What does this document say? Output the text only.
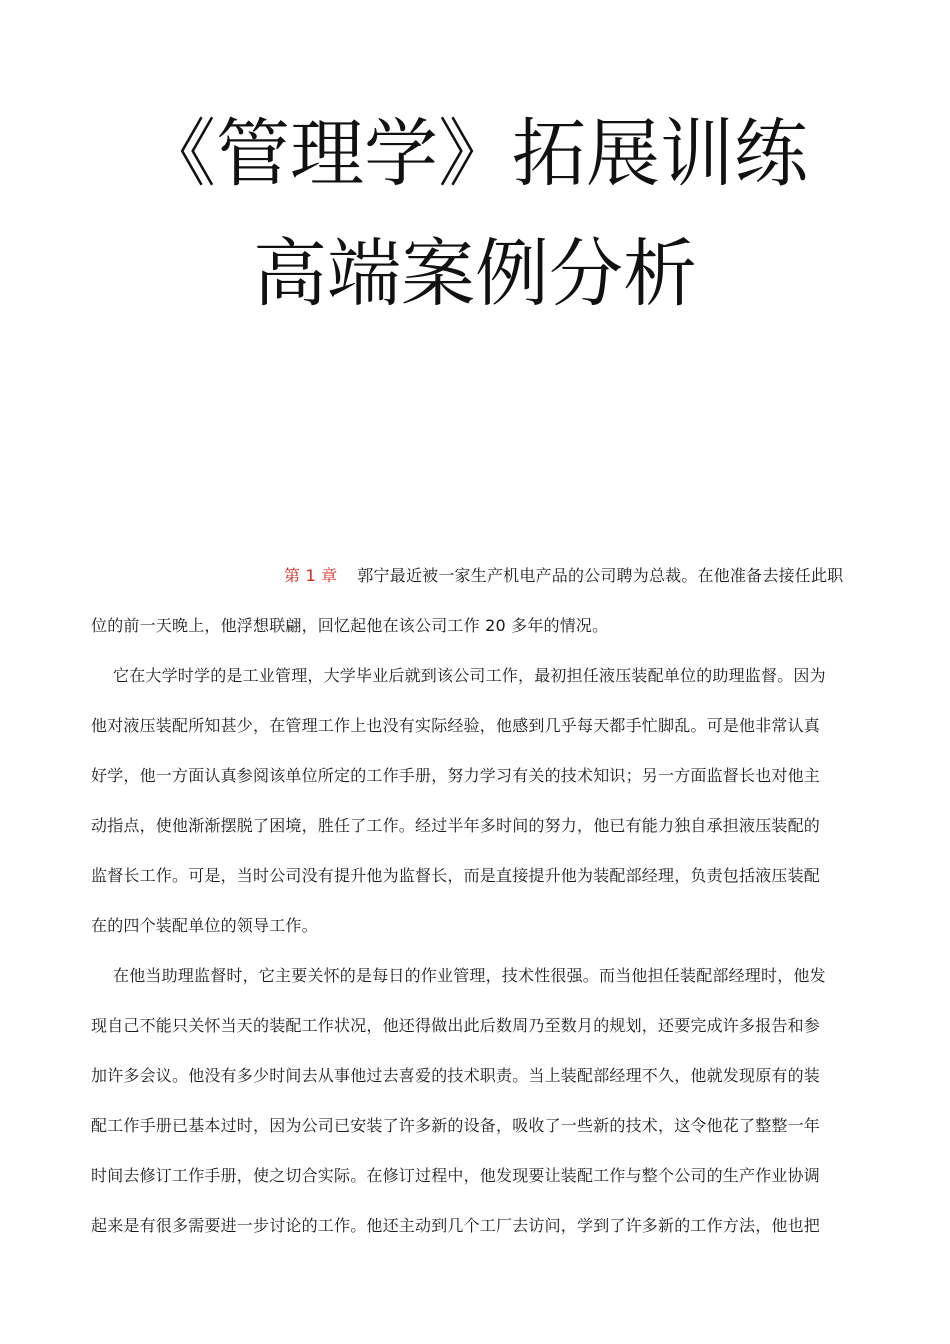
《管理学》拓展训练
高端案例分析
第 1 章 郭宁最近被一家生产机电产品的公司聘为总裁。在他准备去接任此职
位的前一天晚上，他浮想联翩，回忆起他在该公司工作 20 多年的情况。
它在大学时学的是工业管理，大学毕业后就到该公司工作，最初担任液压装配单位的助理监督。因为
他对液压装配所知甚少，在管理工作上也没有实际经验，他感到几乎每天都手忙脚乱。可是他非常认真
好学，他一方面认真参阅该单位所定的工作手册，努力学习有关的技术知识；另一方面监督长也对他主
动指点，使他渐渐摆脱了困境，胜任了工作。经过半年多时间的努力，他已有能力独自承担液压装配的
监督长工作。可是，当时公司没有提升他为监督长，而是直接提升他为装配部经理，负责包括液压装配
在的四个装配单位的领导工作。
在他当助理监督时，它主要关怀的是每日的作业管理，技术性很强。而当他担任装配部经理时，他发
现自己不能只关怀当天的装配工作状况，他还得做出此后数周乃至数月的规划，还要完成许多报告和参
加许多会议。他没有多少时间去从事他过去喜爱的技术职责。当上装配部经理不久，他就发现原有的装
配工作手册已基本过时，因为公司已安装了许多新的设备，吸收了一些新的技术，这令他花了整整一年
时间去修订工作手册，使之切合实际。在修订过程中，他发现要让装配工作与整个公司的生产作业协调
起来是有很多需要进一步讨论的工作。他还主动到几个工厂去访问，学到了许多新的工作方法，他也把
